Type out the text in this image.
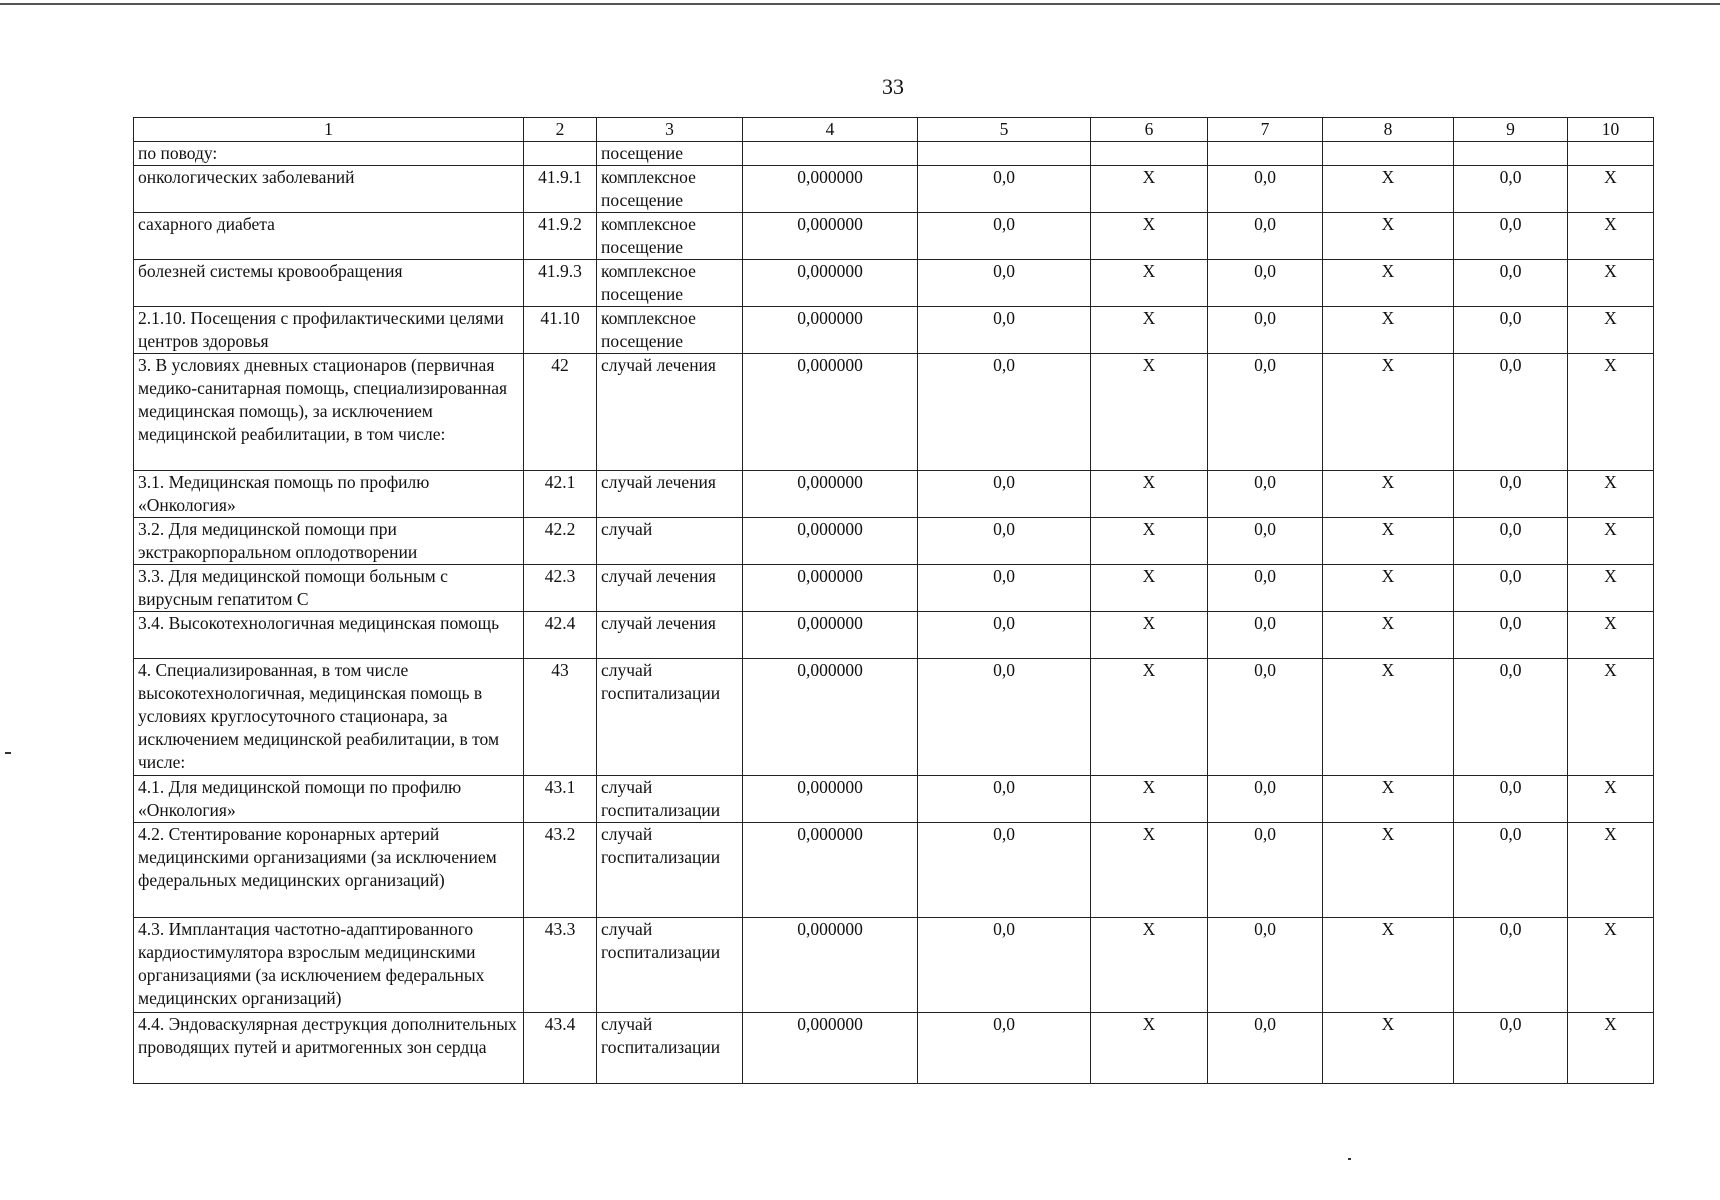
33
1	2	3	4	5	6	7	8	9	10
по поводу:		посещение							
онкологических заболеваний	41.9.1	комплексное посещение	0,000000	0,0	X	0,0	X	0,0	X
сахарного диабета	41.9.2	комплексное посещение	0,000000	0,0	X	0,0	X	0,0	X
болезней системы кровообращения	41.9.3	комплексное посещение	0,000000	0,0	X	0,0	X	0,0	X
2.1.10. Посещения с профилактическими целями центров здоровья	41.10	комплексное посещение	0,000000	0,0	X	0,0	X	0,0	X
3. В условиях дневных стационаров (первичная медико-санитарная помощь, специализированная медицинская помощь), за исключением медицинской реабилитации, в том числе:	42	случай лечения	0,000000	0,0	X	0,0	X	0,0	X
3.1. Медицинская помощь по профилю «Онкология»	42.1	случай лечения	0,000000	0,0	X	0,0	X	0,0	X
3.2. Для медицинской помощи при экстракорпоральном оплодотворении	42.2	случай	0,000000	0,0	X	0,0	X	0,0	X
3.3. Для медицинской помощи больным с вирусным гепатитом С	42.3	случай лечения	0,000000	0,0	X	0,0	X	0,0	X
3.4. Высокотехнологичная медицинская помощь	42.4	случай лечения	0,000000	0,0	X	0,0	X	0,0	X
4. Специализированная, в том числе высокотехнологичная, медицинская помощь в условиях круглосуточного стационара, за исключением медицинской реабилитации, в том числе:	43	случай госпитализации	0,000000	0,0	X	0,0	X	0,0	X
4.1. Для медицинской помощи по профилю «Онкология»	43.1	случай госпитализации	0,000000	0,0	X	0,0	X	0,0	X
4.2. Стентирование коронарных артерий медицинскими организациями (за исключением федеральных медицинских организаций)	43.2	случай госпитализации	0,000000	0,0	X	0,0	X	0,0	X
4.3. Имплантация частотно-адаптированного кардиостимулятора взрослым медицинскими организациями (за исключением федеральных медицинских организаций)	43.3	случай госпитализации	0,000000	0,0	X	0,0	X	0,0	X
4.4. Эндоваскулярная деструкция дополнительных проводящих путей и аритмогенных зон сердца	43.4	случай госпитализации	0,000000	0,0	X	0,0	X	0,0	X
